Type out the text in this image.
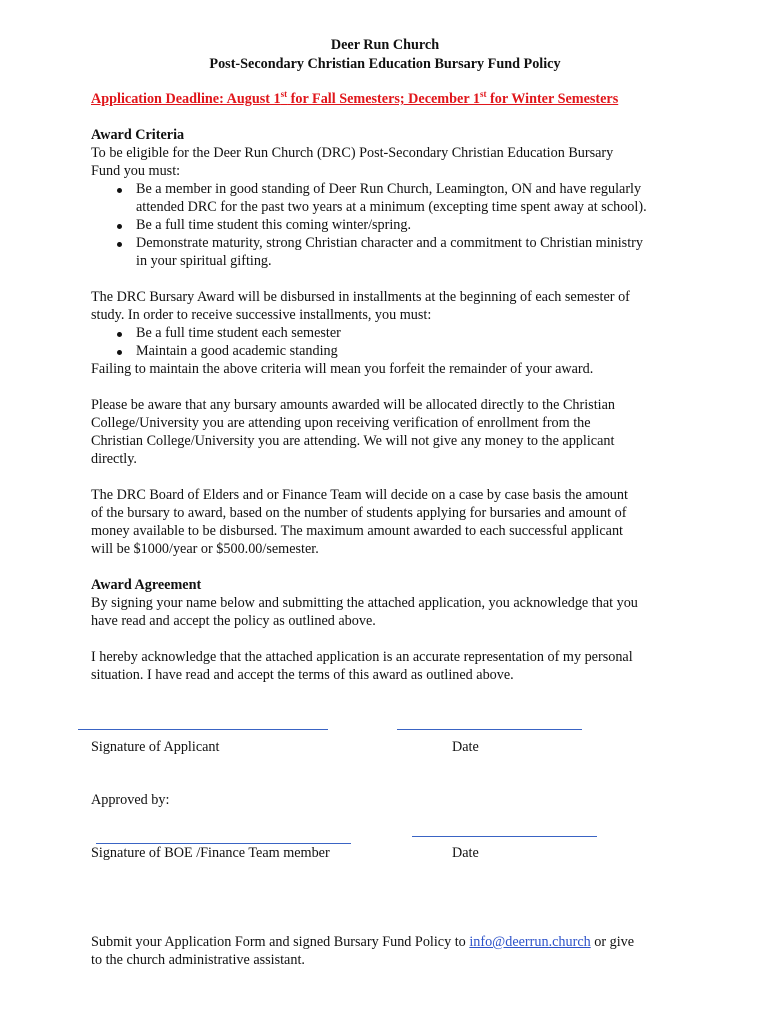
Deer Run Church
Post-Secondary Christian Education Bursary Fund Policy
Application Deadline: August 1st for Fall Semesters; December 1st for Winter Semesters
Award Criteria
To be eligible for the Deer Run Church (DRC) Post-Secondary Christian Education Bursary
Fund you must:
Be a member in good standing of Deer Run Church, Leamington, ON and have regularly
attended DRC for the past two years at a minimum (excepting time spent away at school).
Be a full time student this coming winter/spring.
Demonstrate maturity, strong Christian character and a commitment to Christian ministry
in your spiritual gifting.
The DRC Bursary Award will be disbursed in installments at the beginning of each semester of
study. In order to receive successive installments, you must:
Be a full time student each semester
Maintain a good academic standing
Failing to maintain the above criteria will mean you forfeit the remainder of your award.
Please be aware that any bursary amounts awarded will be allocated directly to the Christian
College/University you are attending upon receiving verification of enrollment from the
Christian College/University you are attending. We will not give any money to the applicant
directly.
The DRC Board of Elders and or Finance Team will decide on a case by case basis the amount
of the bursary to award, based on the number of students applying for bursaries and amount of
money available to be disbursed. The maximum amount awarded to each successful applicant
will be $1000/year or $500.00/semester.
Award Agreement
By signing your name below and submitting the attached application, you acknowledge that you
have read and accept the policy as outlined above.
I hereby acknowledge that the attached application is an accurate representation of my personal
situation. I have read and accept the terms of this award as outlined above.
Signature of Applicant	Date
Approved by:
Signature of BOE /Finance Team member	Date
Submit your Application Form and signed Bursary Fund Policy to info@deerrun.church or give
to the church administrative assistant.
